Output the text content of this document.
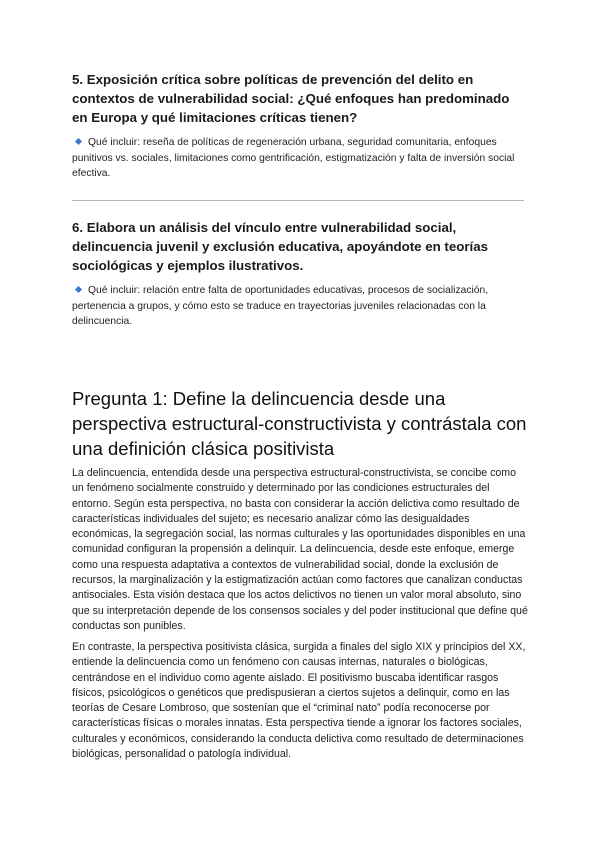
5. Exposición crítica sobre políticas de prevención del delito en contextos de vulnerabilidad social: ¿Qué enfoques han predominado en Europa y qué limitaciones críticas tienen?

Qué incluir: reseña de políticas de regeneración urbana, seguridad comunitaria, enfoques punitivos vs. sociales, limitaciones como gentrificación, estigmatización y falta de inversión social efectiva.

6. Elabora un análisis del vínculo entre vulnerabilidad social, delincuencia juvenil y exclusión educativa, apoyándote en teorías sociológicas y ejemplos ilustrativos.

Qué incluir: relación entre falta de oportunidades educativas, procesos de socialización, pertenencia a grupos, y cómo esto se traduce en trayectorias juveniles relacionadas con la delincuencia.

Pregunta 1: Define la delincuencia desde una perspectiva estructural-constructivista y contrástala con una definición clásica positivista

La delincuencia, entendida desde una perspectiva estructural-constructivista, se concibe como un fenómeno socialmente construido y determinado por las condiciones estructurales del entorno. Según esta perspectiva, no basta con considerar la acción delictiva como resultado de características individuales del sujeto; es necesario analizar cómo las desigualdades económicas, la segregación social, las normas culturales y las oportunidades disponibles en una comunidad configuran la propensión a delinquir. La delincuencia, desde este enfoque, emerge como una respuesta adaptativa a contextos de vulnerabilidad social, donde la exclusión de recursos, la marginalización y la estigmatización actúan como factores que canalizan conductas antisociales. Esta visión destaca que los actos delictivos no tienen un valor moral absoluto, sino que su interpretación depende de los consensos sociales y del poder institucional que define qué conductas son punibles.

En contraste, la perspectiva positivista clásica, surgida a finales del siglo XIX y principios del XX, entiende la delincuencia como un fenómeno con causas internas, naturales o biológicas, centrándose en el individuo como agente aislado. El positivismo buscaba identificar rasgos físicos, psicológicos o genéticos que predispusieran a ciertos sujetos a delinquir, como en las teorías de Cesare Lombroso, que sostenían que el “criminal nato” podía reconocerse por características físicas o morales innatas. Esta perspectiva tiende a ignorar los factores sociales, culturales y económicos, considerando la conducta delictiva como resultado de determinaciones biológicas, personalidad o patología individual.
